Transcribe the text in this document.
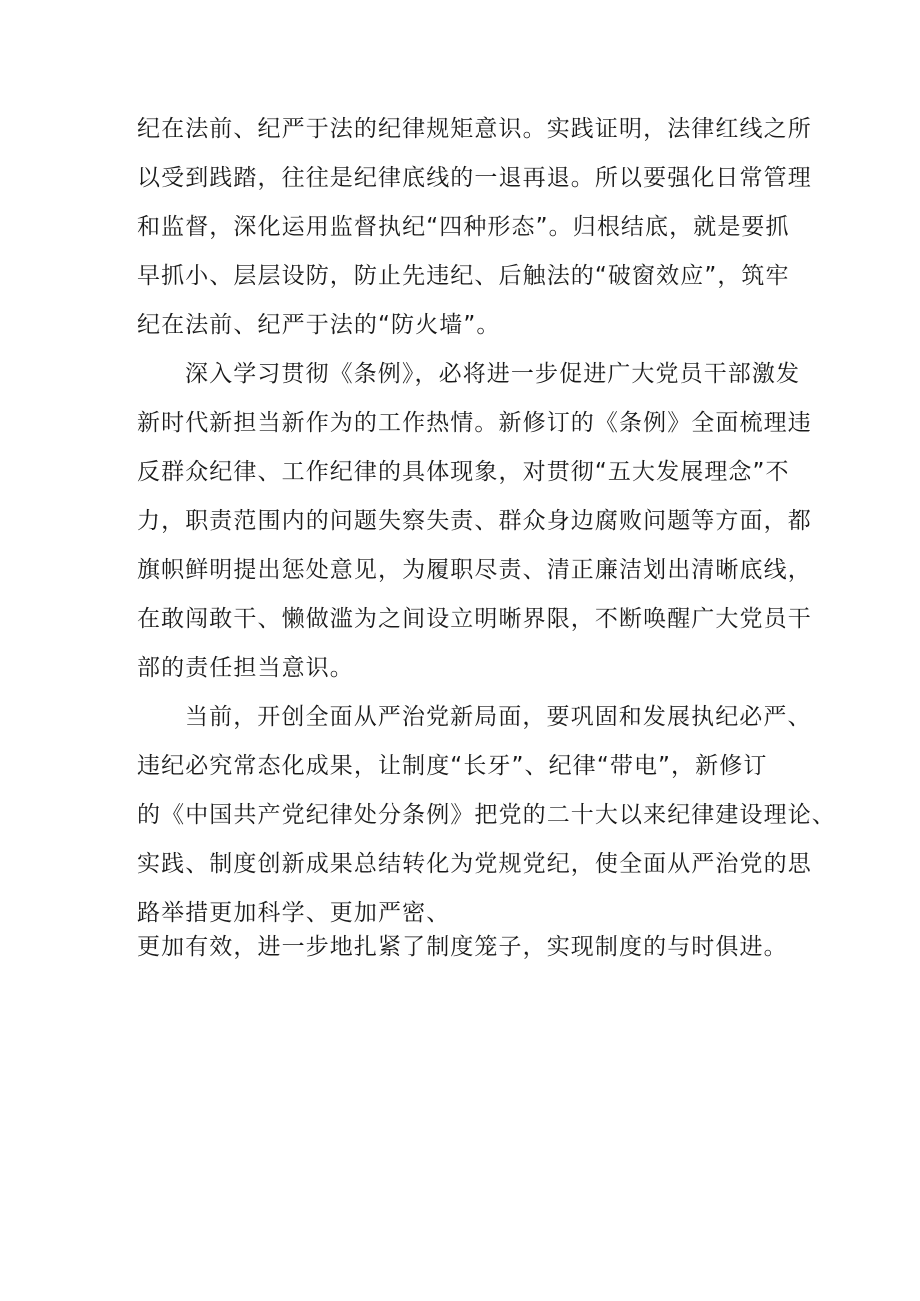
纪在法前、纪严于法的纪律规矩意识。实践证明，法律红线之所
以受到践踏，往往是纪律底线的一退再退。所以要强化日常管理
和监督，深化运用监督执纪“四种形态”。归根结底，就是要抓
早抓小、层层设防，防止先违纪、后触法的“破窗效应”，筑牢
纪在法前、纪严于法的“防火墙”。
深入学习贯彻《条例》，必将进一步促进广大党员干部激发
新时代新担当新作为的工作热情。新修订的《条例》全面梳理违
反群众纪律、工作纪律的具体现象，对贯彻“五大发展理念”不
力，职责范围内的问题失察失责、群众身边腐败问题等方面，都
旗帜鲜明提出惩处意见，为履职尽责、清正廉洁划出清晰底线，
在敢闯敢干、懒做滥为之间设立明晰界限，不断唤醒广大党员干
部的责任担当意识。
当前，开创全面从严治党新局面，要巩固和发展执纪必严、
违纪必究常态化成果，让制度“长牙”、纪律“带电”，新修订
的《中国共产党纪律处分条例》把党的二十大以来纪律建设理论、
实践、制度创新成果总结转化为党规党纪，使全面从严治党的思
路举措更加科学、更加严密、
更加有效，进一步地扎紧了制度笼子，实现制度的与时俱进。
